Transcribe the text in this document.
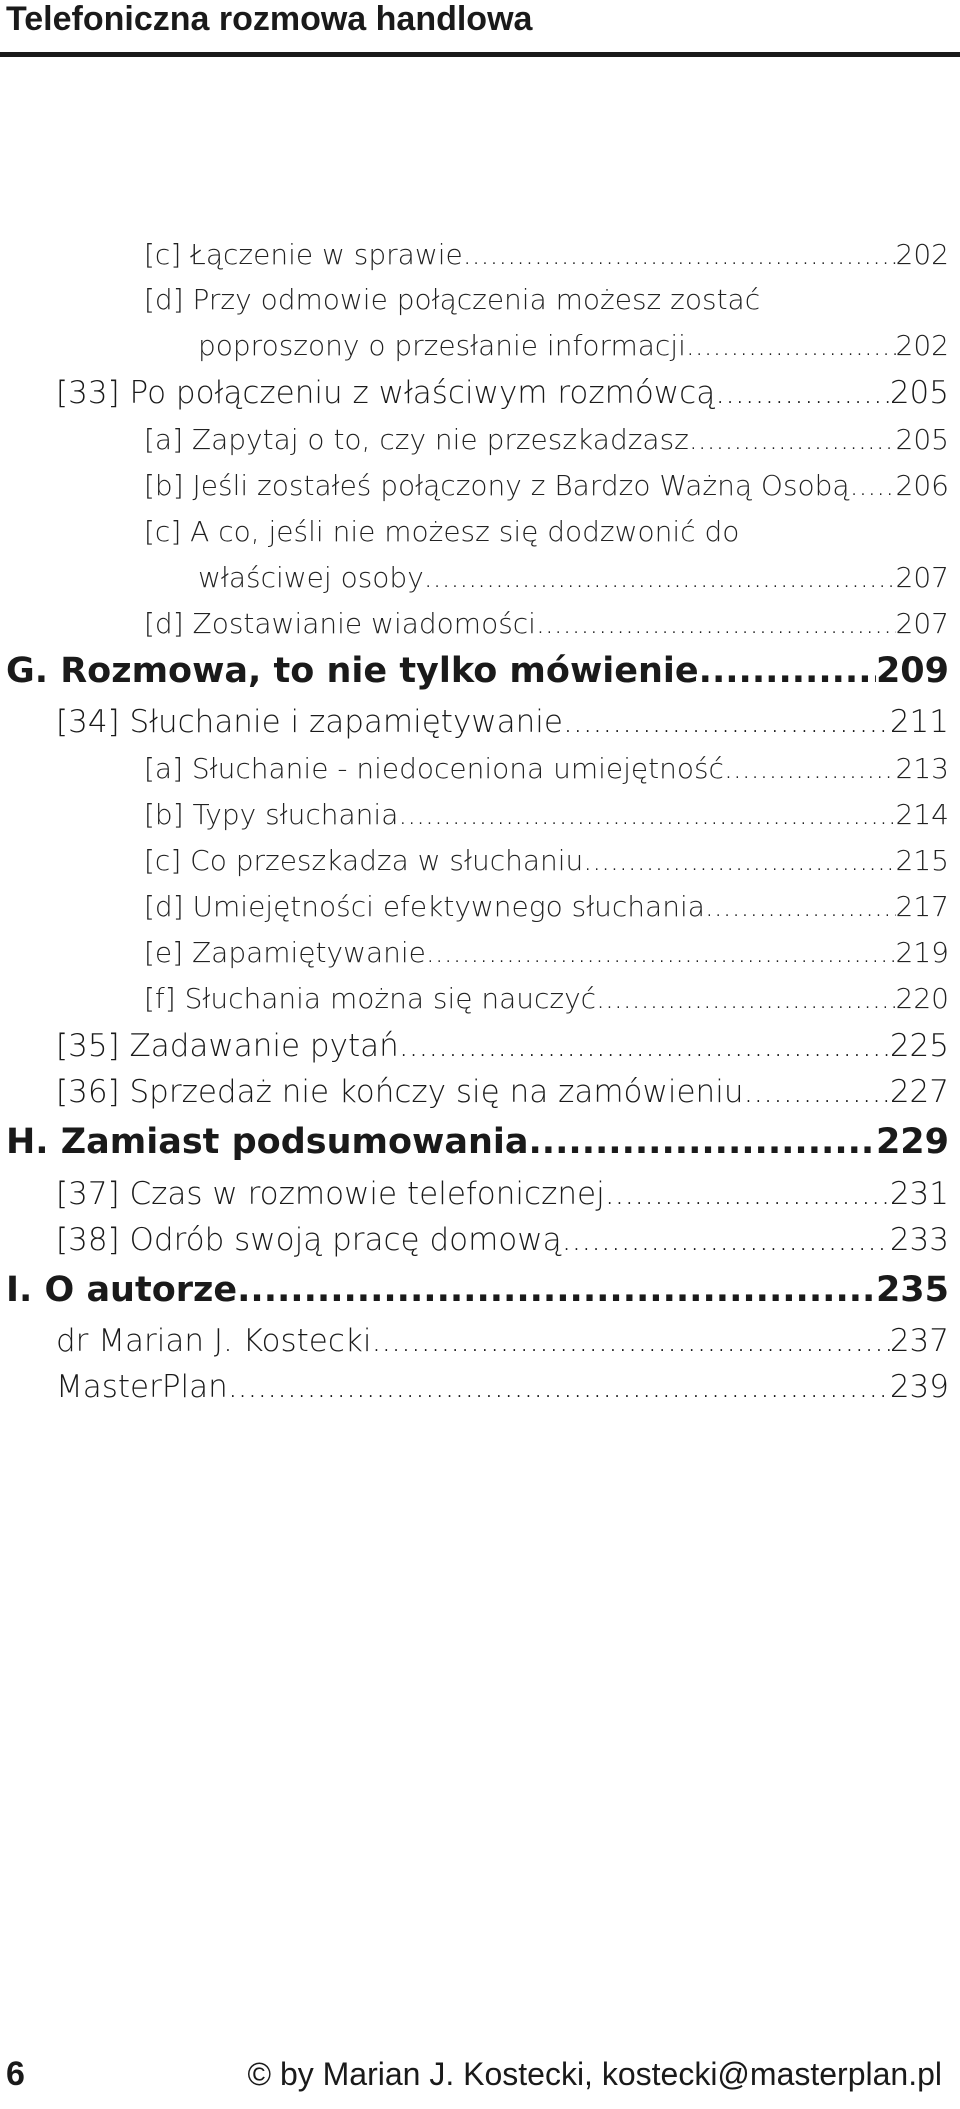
Telefoniczna rozmowa handlowa
[c] Łączenie w sprawie .....	202
[d] Przy odmowie połączenia możesz zostać
poproszony o przesłanie informacji .....	202
[33] Po połączeniu z właściwym rozmówcą .....	205
[a] Zapytaj o to, czy nie przeszkadzasz .....	205
[b] Jeśli zostałeś połączony z Bardzo Ważną Osobą ..... 206
[c] A co, jeśli nie możesz się dodzwonić do
właściwej osoby .....	207
[d] Zostawianie wiadomości .....	207
G. Rozmowa, to nie tylko mówienie .....	209
[34] Słuchanie i zapamiętywanie .....	211
[a] Słuchanie - niedoceniona umiejętność .....	213
[b] Typy słuchania .....	214
[c] Co przeszkadza w słuchaniu .....	215
[d] Umiejętności efektywnego słuchania .....	217
[e] Zapamiętywanie .....	219
[f] Słuchania można się nauczyć .....	220
[35] Zadawanie pytań .....	225
[36] Sprzedaż nie kończy się na zamówieniu .....	227
H. Zamiast podsumowania .....	229
[37] Czas w rozmowie telefonicznej .....	231
[38] Odrób swoją pracę domową .....	233
I. O autorze .....	235
dr Marian J. Kostecki .....	237
MasterPlan .....	239
6	© by Marian J. Kostecki, kostecki@masterplan.pl
